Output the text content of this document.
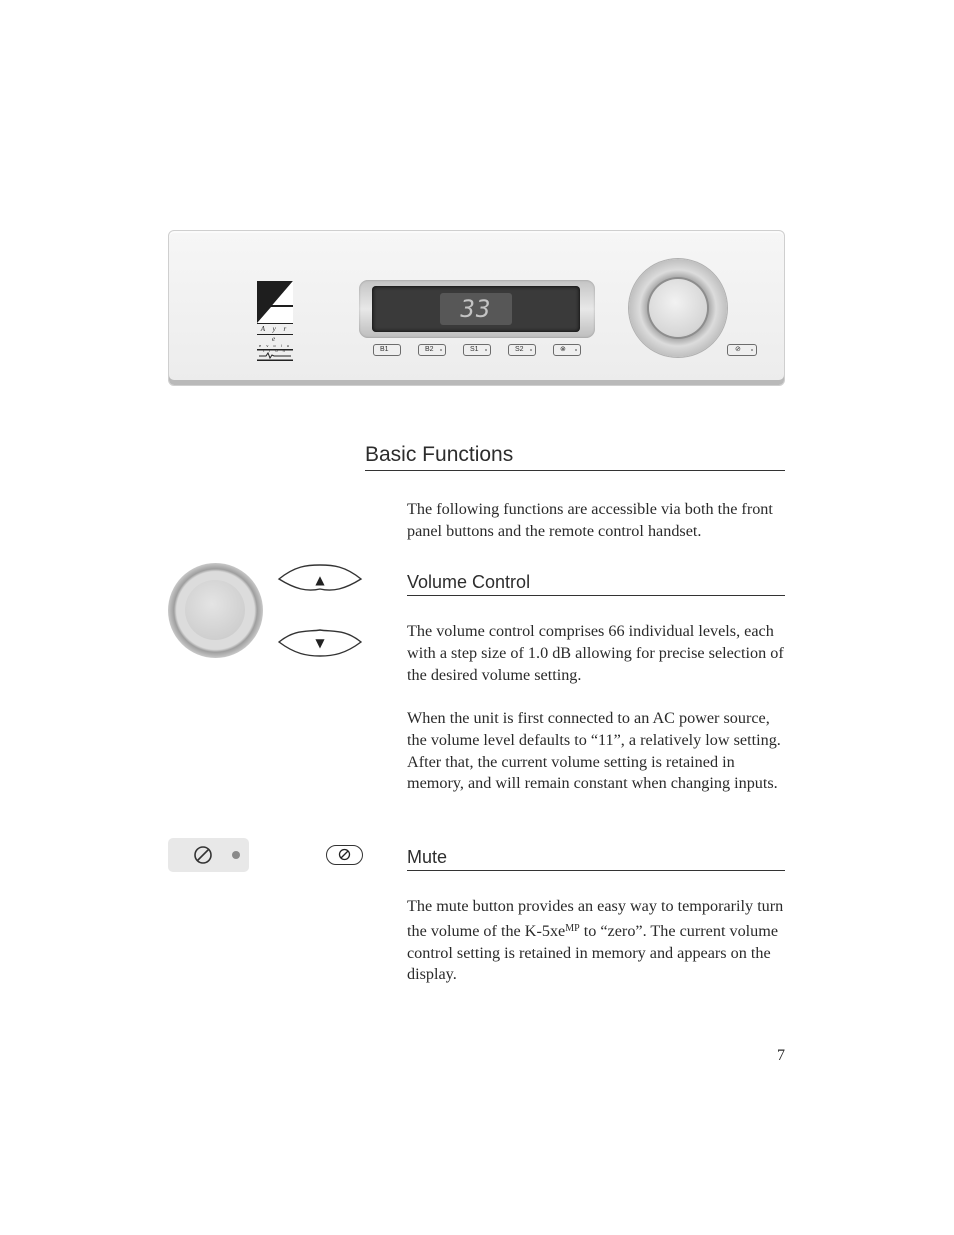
A y r e
e v o l u
33
B1	B2	S1	S2	⊗	⊘
Basic Functions
The following functions are accessible via both the front panel buttons and the remote control handset.
▲
▼
Volume Control
The volume control comprises 66 individual levels, each with a step size of 1.0 dB allowing for precise selection of the desired volume setting.
When the unit is first connected to an AC power source, the volume level defaults to “11”, a relatively low setting. After that, the current volume setting is retained in memory, and will remain constant when changing inputs.
Mute
The mute button provides an easy way to temporarily turn the volume of the $K-5xe^{MP}$ to “zero”. The current volume control setting is retained in memory and appears on the display.
7
